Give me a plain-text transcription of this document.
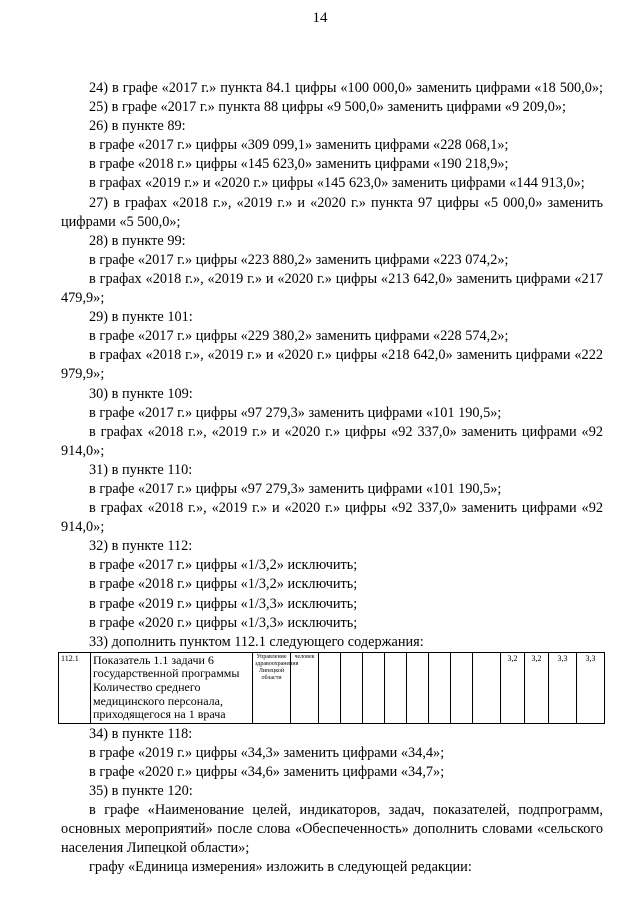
14

24) в графе «2017 г.» пункта 84.1 цифры «100 000,0» заменить цифрами «18 500,0»;

25) в графе «2017 г.» пункта 88 цифры «9 500,0» заменить цифрами «9 209,0»;

26) в пункте 89:

в графе «2017 г.» цифры «309 099,1» заменить цифрами «228 068,1»;

в графе «2018 г.» цифры «145 623,0» заменить цифрами «190 218,9»;

в графах «2019 г.» и «2020 г.» цифры «145 623,0» заменить цифрами «144 913,0»;

27) в графах «2018 г.», «2019 г.» и «2020 г.» пункта 97 цифры «5 000,0» заменить цифрами «5 500,0»;

28) в пункте 99:

в графе «2017 г.» цифры «223 880,2» заменить цифрами «223 074,2»;

в графах «2018 г.», «2019 г.» и «2020 г.» цифры «213 642,0» заменить цифрами «217 479,9»;

29) в пункте 101:

в графе «2017 г.» цифры «229 380,2» заменить цифрами «228 574,2»;

в графах «2018 г.», «2019 г.» и «2020 г.» цифры «218 642,0» заменить цифрами «222 979,9»;

30) в пункте 109:

в графе «2017 г.» цифры «97 279,3» заменить цифрами «101 190,5»;

в графах «2018 г.», «2019 г.» и «2020 г.» цифры «92 337,0» заменить цифрами «92 914,0»;

31) в пункте 110:

в графе «2017 г.» цифры «97 279,3» заменить цифрами «101 190,5»;

в графах «2018 г.», «2019 г.» и «2020 г.» цифры «92 337,0» заменить цифрами «92 914,0»;

32) в пункте 112:

в графе «2017 г.» цифры «1/3,2» исключить;

в графе «2018 г.» цифры «1/3,2» исключить;

в графе «2019 г.» цифры «1/3,3» исключить;

в графе «2020 г.» цифры «1/3,3» исключить;

33) дополнить пунктом 112.1 следующего содержания:

112.1	Показатель 1.1 задачи 6 государственной программы Количество среднего медицинского персонала, приходящегося на 1 врача	Управление здравоохранения Липецкой области	человек									3,2	3,2	3,3	3,3

34) в пункте 118:

в графе «2019 г.» цифры «34,3» заменить цифрами «34,4»;

в графе «2020 г.» цифры «34,6» заменить цифрами «34,7»;

35) в пункте 120:

в графе «Наименование целей, индикаторов, задач, показателей, подпрограмм, основных мероприятий» после слова «Обеспеченность» дополнить словами «сельского населения Липецкой области»;

графу «Единица измерения» изложить в следующей редакции:
